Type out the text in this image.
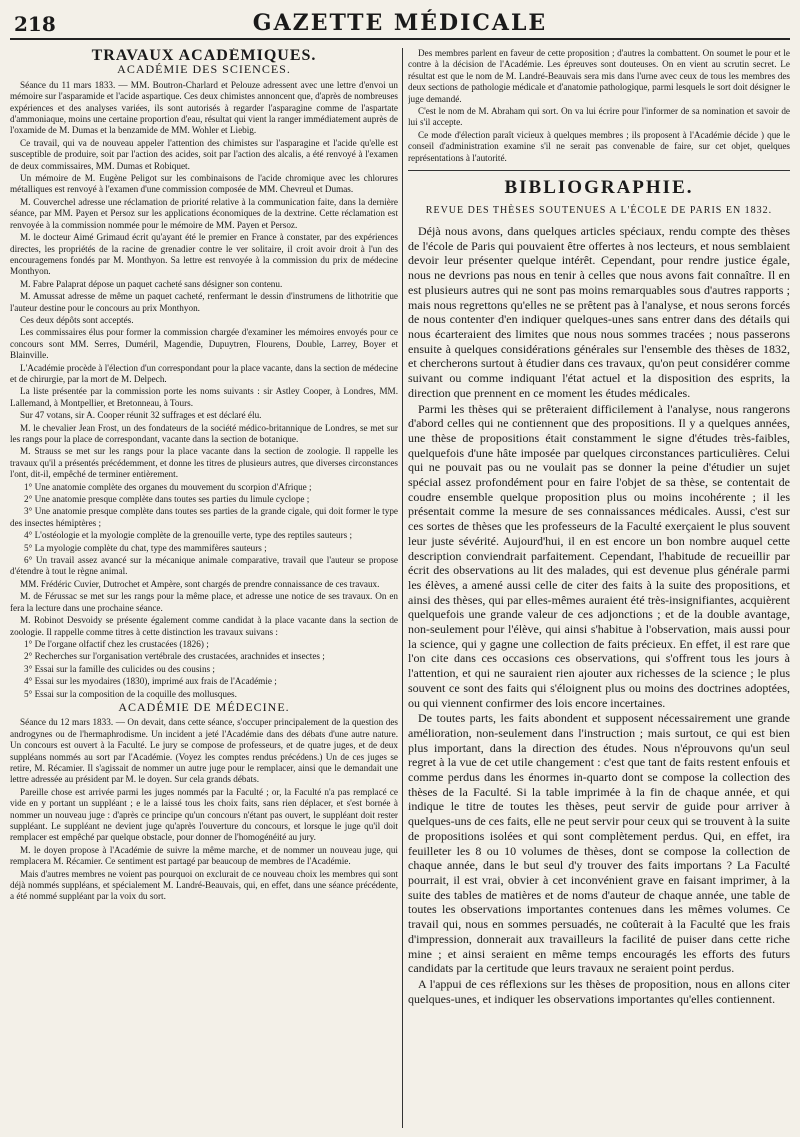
218	GAZETTE MÉDICALE
TRAVAUX ACADÉMIQUES.
ACADÉMIE DES SCIENCES.

Séance du 11 mars 1833. — MM. Boutron-Charlard et Pelouze adressent avec une lettre d'envoi un mémoire sur l'asparamide et l'acide aspartique. Ces deux chimistes annoncent que, d'après de nombreuses expériences et des analyses variées, ils sont autorisés à regarder l'asparagine comme de l'aspartate d'ammoniaque, moins une certaine proportion d'eau, résultat qui vient la ranger immédiatement auprès de l'oxamide de M. Dumas et la benzamide de MM. Wohler et Liebig.

Ce travail, qui va de nouveau appeler l'attention des chimistes sur l'asparagine et l'acide qu'elle est susceptible de produire, soit par l'action des acides, soit par l'action des alcalis, a été renvoyé à l'examen de deux commissaires, MM. Dumas et Robiquet.

Un mémoire de M. Eugène Peligot sur les combinaisons de l'acide chromique avec les chlorures métalliques est renvoyé à l'examen d'une commission composée de MM. Chevreul et Dumas.

M. Couverchel adresse une réclamation de priorité relative à la communication faite, dans la dernière séance, par MM. Payen et Persoz sur les applications économiques de la dextrine. Cette réclamation est renvoyée à la commission nommée pour le mémoire de MM. Payen et Persoz.

M. le docteur Aimé Grimaud écrit qu'ayant été le premier en France à constater, par des expériences directes, les propriétés de la racine de grenadier contre le ver solitaire, il croit avoir droit à l'un des encouragemens fondés par M. Monthyon. Sa lettre est renvoyée à la commission du prix de médecine Monthyon.

M. Fabre Palaprat dépose un paquet cacheté sans désigner son contenu.

M. Amussat adresse de même un paquet cacheté, renfermant le dessin d'instrumens de lithotritie que l'auteur destine pour le concours au prix Monthyon.

Ces deux dépôts sont acceptés.

Les commissaires élus pour former la commission chargée d'examiner les mémoires envoyés pour ce concours sont MM. Serres, Duméril, Magendie, Dupuytren, Flourens, Double, Larrey, Boyer et Blainville.

L'Académie procède à l'élection d'un correspondant pour la place vacante, dans la section de médecine et de chirurgie, par la mort de M. Delpech.

La liste présentée par la commission porte les noms suivants : sir Astley Cooper, à Londres, MM. Lallemand, à Montpellier, et Bretonneau, à Tours.

Sur 47 votans, sir A. Cooper réunit 32 suffrages et est déclaré élu.

M. le chevalier Jean Frost, un des fondateurs de la société médico-britannique de Londres, se met sur les rangs pour la place de correspondant, vacante dans la section de botanique.

M. Strauss se met sur les rangs pour la place vacante dans la section de zoologie. Il rappelle les travaux qu'il a présentés précédemment, et donne les titres de plusieurs autres, que diverses circonstances l'ont, dit-il, empêché de terminer entièrement.

1° Une anatomie complète des organes du mouvement du scorpion d'Afrique ;

2° Une anatomie presque complète dans toutes ses parties du limule cyclope ;

3° Une anatomie presque complète dans toutes ses parties de la grande cigale, qui doit former le type des insectes hémiptères ;

4° L'ostéologie et la myologie complète de la grenouille verte, type des reptiles sauteurs ;

5° La myologie complète du chat, type des mammifères sauteurs ;

6° Un travail assez avancé sur la mécanique animale comparative, travail que l'auteur se propose d'étendre à tout le règne animal.

MM. Frédéric Cuvier, Dutrochet et Ampère, sont chargés de prendre connaissance de ces travaux.

M. de Férussac se met sur les rangs pour la même place, et adresse une notice de ses travaux. On en fera la lecture dans une prochaine séance.

M. Robinot Desvoidy se présente également comme candidat à la place vacante dans la section de zoologie. Il rappelle comme titres à cette distinction les travaux suivans :

1° De l'organe olfactif chez les crustacées (1826) ;

2° Recherches sur l'organisation vertébrale des crustacées, arachnides et insectes ;

3° Essai sur la famille des culicides ou des cousins ;

4° Essai sur les myodaires (1830), imprimé aux frais de l'Académie ;

5° Essai sur la composition de la coquille des mollusques.

ACADÉMIE DE MÉDECINE.

Séance du 12 mars 1833. — On devait, dans cette séance, s'occuper principalement de la question des androgynes ou de l'hermaphrodisme. Un incident a jeté l'Académie dans des débats d'une autre nature. Un concours est ouvert à la Faculté. Le jury se compose de professeurs, et de quatre juges, et de deux suppléans nommés au sort par l'Académie. (Voyez les comptes rendus précédens.) Un de ces juges se retire, M. Récamier. Il s'agissait de nommer un autre juge pour le remplacer, ainsi que le demandait une lettre adressée au président par M. le doyen. Sur cela grands débats.

Pareille chose est arrivée parmi les juges nommés par la Faculté ; or, la Faculté n'a pas remplacé ce vide en y portant un suppléant ; e le a laissé tous les choix faits, sans rien déplacer, et s'est bornée à nommer un nouveau juge : d'après ce principe qu'un concours n'étant pas ouvert, le suppléant doit rester suppléant. Le suppléant ne devient juge qu'après l'ouverture du concours, et lorsque le juge qu'il doit remplacer est empêché par quelque obstacle, pour donner de l'homogénéité au jury.

M. le doyen propose à l'Académie de suivre la même marche, et de nommer un nouveau juge, qui remplacera M. Récamier. Ce sentiment est partagé par beaucoup de membres de l'Académie.

Mais d'autres membres ne voient pas pourquoi on exclurait de ce nouveau choix les membres qui sont déjà nommés suppléans, et spécialement M. Landré-Beauvais, qui, en effet, dans une séance précédente, a été nommé suppléant par la voix du sort.

Des membres parlent en faveur de cette proposition ; d'autres la combattent. On soumet le pour et le contre à la décision de l'Académie. Les épreuves sont douteuses. On en vient au scrutin secret. Le résultat est que le nom de M. Landré-Beauvais sera mis dans l'urne avec ceux de tous les membres des deux sections de pathologie médicale et d'anatomie pathologique, parmi lesquels le sort doit désigner le juge demandé.

C'est le nom de M. Abraham qui sort. On va lui écrire pour l'informer de sa nomination et savoir de lui s'il accepte.

Ce mode d'élection paraît vicieux à quelques membres ; ils proposent à l'Académie décide ) que le conseil d'administration examine s'il ne serait pas convenable de faire, sur cet objet, quelques représentations à l'autorité.

BIBLIOGRAPHIE.
REVUE DES THÈSES SOUTENUES A L'ÉCOLE DE PARIS EN 1832.

Déjà nous avons, dans quelques articles spéciaux, rendu compte des thèses de l'école de Paris qui pouvaient être offertes à nos lecteurs, et nous semblaient devoir leur présenter quelque intérêt. Cependant, pour rendre justice égale, nous ne devrions pas nous en tenir à celles que nous avons fait connaître. Il en est plusieurs autres qui ne sont pas moins remarquables sous d'autres rapports ; mais nous regrettons qu'elles ne se prêtent pas à l'analyse, et nous serons forcés de nous contenter d'en indiquer quelques-unes sans entrer dans des détails qui nous écarteraient des limites que nous nous sommes tracées ; nous passerons ensuite à quelques considérations générales sur l'ensemble des thèses de 1832, et chercherons surtout à étudier dans ces travaux, qu'on peut considérer comme suivant ou comme indiquant l'état actuel et la disposition des esprits, la direction que prennent en ce moment les études médicales.

Parmi les thèses qui se prêteraient difficilement à l'analyse, nous rangerons d'abord celles qui ne contiennent que des propositions. Il y a quelques années, une thèse de propositions était constamment le signe d'études très-faibles, quelquefois d'une hâte imposée par quelques circonstances particulières. Celui qui ne pouvait pas ou ne voulait pas se donner la peine d'étudier un sujet spécial assez profondément pour en faire l'objet de sa thèse, se contentait de coudre ensemble quelque proposition plus ou moins incohérente ; il les présentait comme la mesure de ses connaissances médicales. Aussi, c'est sur ces sortes de thèses que les professeurs de la Faculté exerçaient le plus souvent leur juste sévérité. Aujourd'hui, il en est encore un bon nombre auquel cette description conviendrait parfaitement. Cependant, l'habitude de recueillir par écrit des observations au lit des malades, qui est devenue plus générale parmi les élèves, a amené aussi celle de citer des faits à la suite des propositions, et ainsi des thèses, qui par elles-mêmes auraient été très-insignifiantes, acquièrent quelquefois une grande valeur de ces adjonctions ; et de la double avantage, non-seulement pour l'élève, qui ainsi s'habitue à l'observation, mais aussi pour la science, qui y gagne une collection de faits précieux. En effet, il est rare que l'on cite dans ces occasions ces observations, qui s'offrent tous les jours à l'attention, et qui ne sauraient rien ajouter aux richesses de la science ; le plus souvent ce sont des faits qui s'éloignent plus ou moins des doctrines adoptées, ou qui viennent confirmer des lois encore incertaines.

De toutes parts, les faits abondent et supposent nécessairement une grande amélioration, non-seulement dans l'instruction ; mais surtout, ce qui est bien plus important, dans la direction des études. Nous n'éprouvons qu'un seul regret à la vue de cet utile changement : c'est que tant de faits restent enfouis et comme perdus dans les énormes in-quarto dont se compose la collection des thèses de la Faculté. Si la table imprimée à la fin de chaque année, et qui indique le titre de toutes les thèses, peut servir de guide pour arriver à quelques-uns de ces faits, elle ne peut servir pour ceux qui se trouvent à la suite de propositions isolées et qui sont complètement perdus. Qui, en effet, ira feuilleter les 8 ou 10 volumes de thèses, dont se compose la collection de chaque année, dans le but seul d'y trouver des faits importans ? La Faculté pourrait, il est vrai, obvier à cet inconvénient grave en faisant imprimer, à la suite des tables de matières et de noms d'auteur de chaque année, une table de toutes les observations importantes contenues dans les mêmes volumes. Ce travail qui, nous en sommes persuadés, ne coûterait à la Faculté que les frais d'impression, donnerait aux travailleurs la facilité de puiser dans cette riche mine ; et ainsi seraient en même temps encouragés les efforts des futurs candidats par la certitude que leurs travaux ne seraient point perdus.

A l'appui de ces réflexions sur les thèses de proposition, nous en allons citer quelques-unes, et indiquer les observations importantes qu'elles contiennent.
